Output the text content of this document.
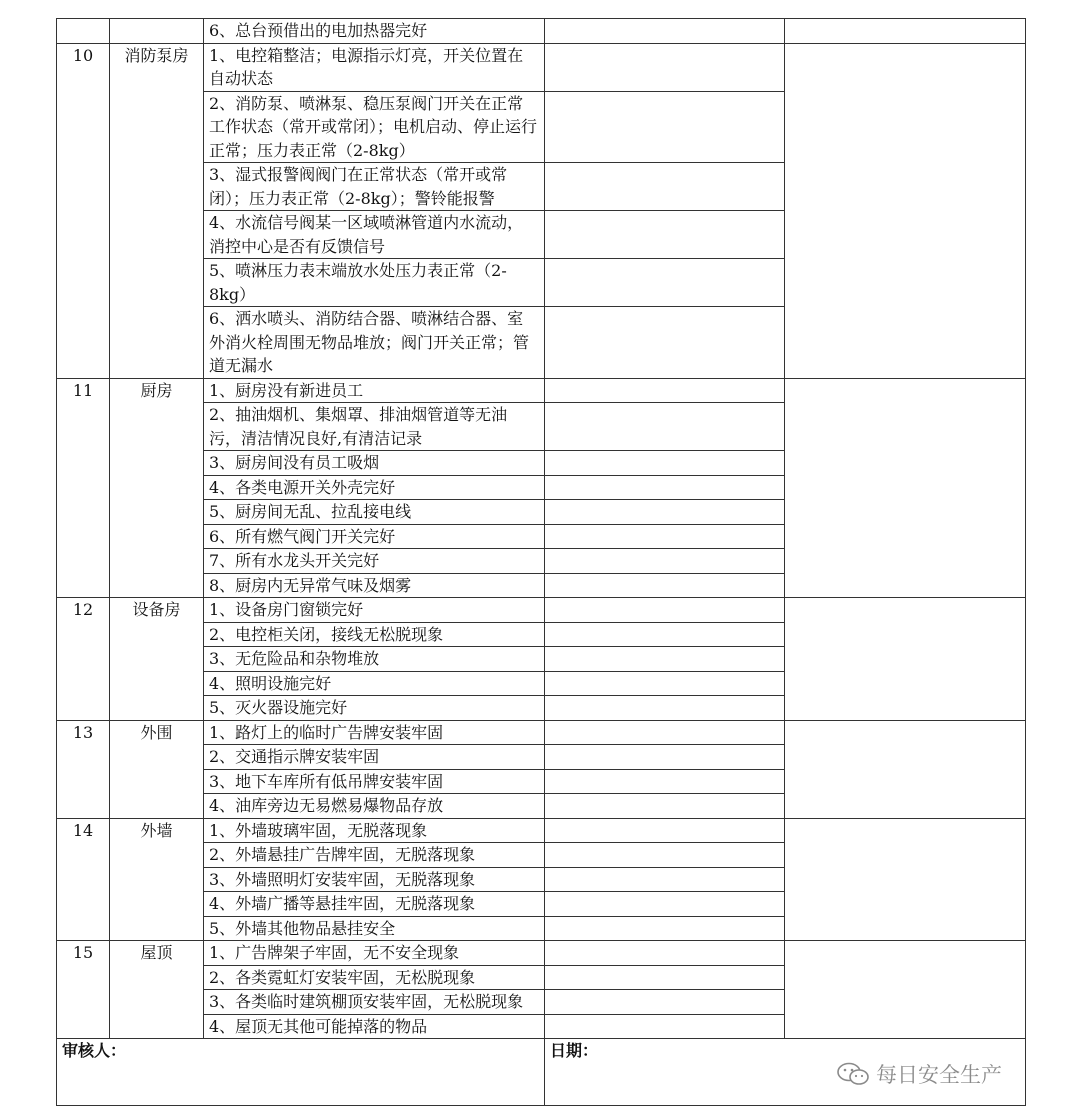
		6、总台预借出的电加热器完好		
10	消防泵房	1、电控箱整洁；电源指示灯亮，开关位置在自动状态		
		2、消防泵、喷淋泵、稳压泵阀门开关在正常工作状态（常开或常闭）；电机启动、停止运行正常；压力表正常（2-8kg）		
		3、湿式报警阀阀门在正常状态（常开或常闭）；压力表正常（2-8kg）；警铃能报警		
		4、水流信号阀某一区域喷淋管道内水流动，消控中心是否有反馈信号		
		5、喷淋压力表末端放水处压力表正常（2-8kg）		
		6、洒水喷头、消防结合器、喷淋结合器、室外消火栓周围无物品堆放；阀门开关正常；管道无漏水		
11	厨房	1、厨房没有新进员工		
		2、抽油烟机、集烟罩、排油烟管道等无油污，清洁情况良好,有清洁记录		
		3、厨房间没有员工吸烟		
		4、各类电源开关外壳完好		
		5、厨房间无乱、拉乱接电线		
		6、所有燃气阀门开关完好		
		7、所有水龙头开关完好		
		8、厨房内无异常气味及烟雾		
12	设备房	1、设备房门窗锁完好		
		2、电控柜关闭，接线无松脱现象		
		3、无危险品和杂物堆放		
		4、照明设施完好		
		5、灭火器设施完好		
13	外围	1、路灯上的临时广告牌安装牢固		
		2、交通指示牌安装牢固		
		3、地下车库所有低吊牌安装牢固		
		4、油库旁边无易燃易爆物品存放		
14	外墙	1、外墙玻璃牢固，无脱落现象		
		2、外墙悬挂广告牌牢固，无脱落现象		
		3、外墙照明灯安装牢固，无脱落现象		
		4、外墙广播等悬挂牢固，无脱落现象		
		5、外墙其他物品悬挂安全		
15	屋顶	1、广告牌架子牢固，无不安全现象		
		2、各类霓虹灯安装牢固，无松脱现象		
		3、各类临时建筑棚顶安装牢固，无松脱现象		
		4、屋顶无其他可能掉落的物品		
审核人：			日期：	
每日安全生产
